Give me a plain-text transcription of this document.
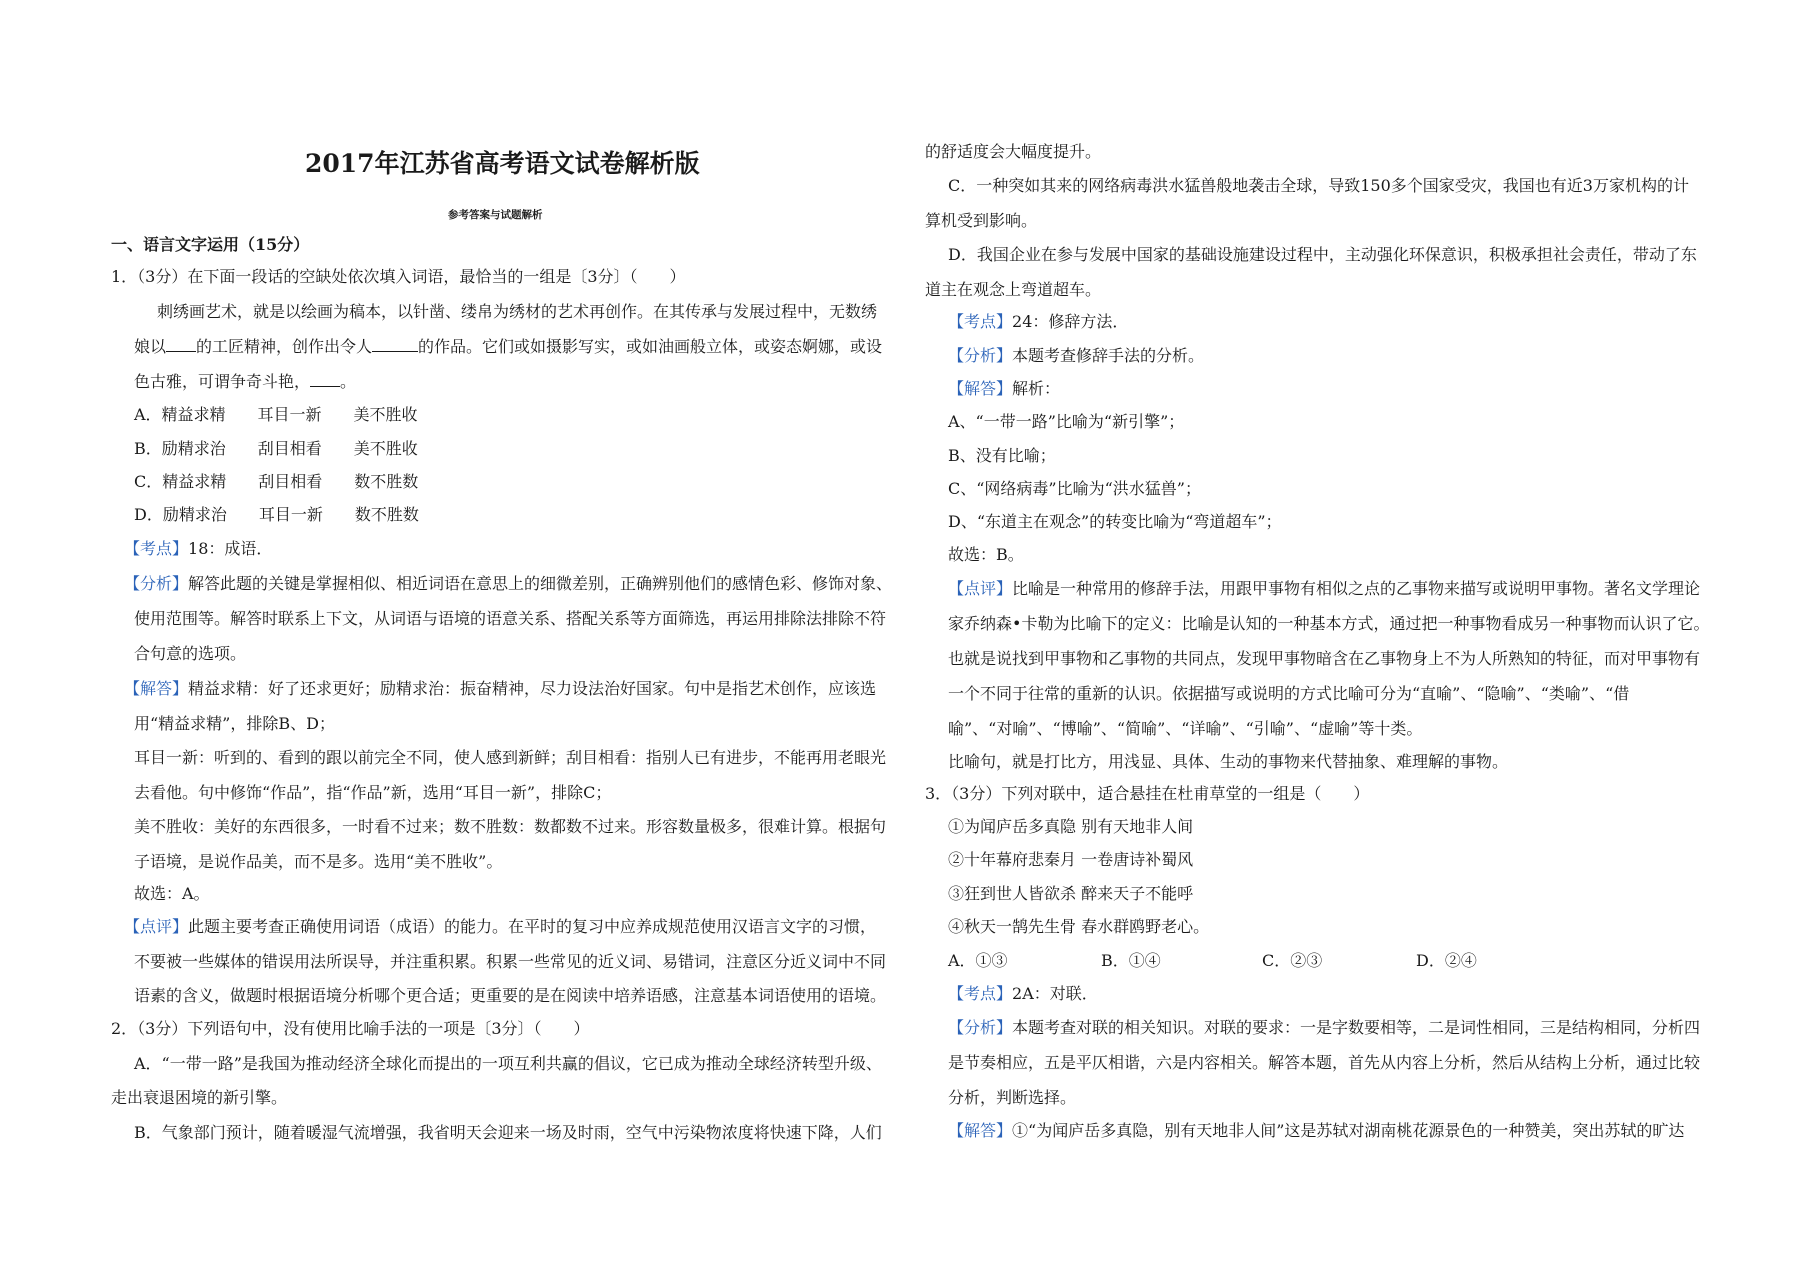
2017年江苏省高考语文试卷解析版
参考答案与试题解析
一、语言文字运用（15分）
1．（3分）在下面一段话的空缺处依次填入词语，最恰当的一组是〔3分〕（　　）
刺绣画艺术，就是以绘画为稿本，以针凿、缕帛为绣材的艺术再创作。在其传承与发展过程中，无数绣
娘以 的工匠精神，创作出令人	的作品。它们或如摄影写实，或如油画般立体，或姿态婀娜，或设
色古雅，可谓争奇斗艳， 。
A．精益求精　　耳目一新　　美不胜收
B．励精求治　　刮目相看　　美不胜收
C．精益求精　　刮目相看　　数不胜数
D．励精求治　　耳目一新　　数不胜数
【考点】18：成语．
【分析】解答此题的关键是掌握相似、相近词语在意思上的细微差别，正确辨别他们的感情色彩、修饰对象、
使用范围等。解答时联系上下文，从词语与语境的语意关系、搭配关系等方面筛选，再运用排除法排除不符
合句意的选项。
【解答】精益求精：好了还求更好；励精求治：振奋精神，尽力设法治好国家。句中是指艺术创作，应该选
用“精益求精”，排除B、D；
耳目一新：听到的、看到的跟以前完全不同，使人感到新鲜；刮目相看：指别人已有进步，不能再用老眼光
去看他。句中修饰“作品”，指“作品”新，选用“耳目一新”，排除C；
美不胜收：美好的东西很多，一时看不过来；数不胜数：数都数不过来。形容数量极多，很难计算。根据句
子语境，是说作品美，而不是多。选用“美不胜收”。
故选：A。
【点评】此题主要考查正确使用词语（成语）的能力。在平时的复习中应养成规范使用汉语言文字的习惯，
不要被一些媒体的错误用法所误导，并注重积累。积累一些常见的近义词、易错词，注意区分近义词中不同
语素的含义，做题时根据语境分析哪个更合适；更重要的是在阅读中培养语感，注意基本词语使用的语境。
2．（3分）下列语句中，没有使用比喻手法的一项是〔3分〕（　　）
A．“一带一路”是我国为推动经济全球化而提出的一项互利共赢的倡议，它已成为推动全球经济转型升级、
走出衰退困境的新引擎。
B．气象部门预计，随着暖湿气流增强，我省明天会迎来一场及时雨，空气中污染物浓度将快速下降，人们
的舒适度会大幅度提升。
C．一种突如其来的网络病毒洪水猛兽般地袭击全球，导致150多个国家受灾，我国也有近3万家机构的计
算机受到影响。
D．我国企业在参与发展中国家的基础设施建设过程中，主动强化环保意识，积极承担社会责任，带动了东
道主在观念上弯道超车。
【考点】24：修辞方法．
【分析】本题考查修辞手法的分析。
【解答】解析：
A、“一带一路”比喻为“新引擎”；
B、没有比喻；
C、“网络病毒”比喻为“洪水猛兽”；
D、“东道主在观念”的转变比喻为“弯道超车”；
故选：B。
【点评】比喻是一种常用的修辞手法，用跟甲事物有相似之点的乙事物来描写或说明甲事物。著名文学理论
家乔纳森•卡勒为比喻下的定义：比喻是认知的一种基本方式，通过把一种事物看成另一种事物而认识了它。
也就是说找到甲事物和乙事物的共同点，发现甲事物暗含在乙事物身上不为人所熟知的特征，而对甲事物有
一个不同于往常的重新的认识。依据描写或说明的方式比喻可分为“直喻”、“隐喻”、“类喻”、“借
喻”、“对喻”、“博喻”、“简喻”、“详喻”、“引喻”、“虚喻”等十类。
比喻句，就是打比方，用浅显、具体、生动的事物来代替抽象、难理解的事物。
3．（3分）下列对联中，适合悬挂在杜甫草堂的一组是（　　）
①为闻庐岳多真隐 别有天地非人间
②十年幕府悲秦月 一卷唐诗补蜀风
③狂到世人皆欲杀 醉来天子不能呼
④秋天一鹄先生骨 春水群鸥野老心。
A．①③	B．①④	C．②③	D．②④
【考点】2A：对联．
【分析】本题考查对联的相关知识。对联的要求：一是字数要相等，二是词性相同，三是结构相同，分析四
是节奏相应，五是平仄相谐，六是内容相关。解答本题，首先从内容上分析，然后从结构上分析，通过比较
分析，判断选择。
【解答】①“为闻庐岳多真隐，别有天地非人间”这是苏轼对湖南桃花源景色的一种赞美，突出苏轼的旷达
